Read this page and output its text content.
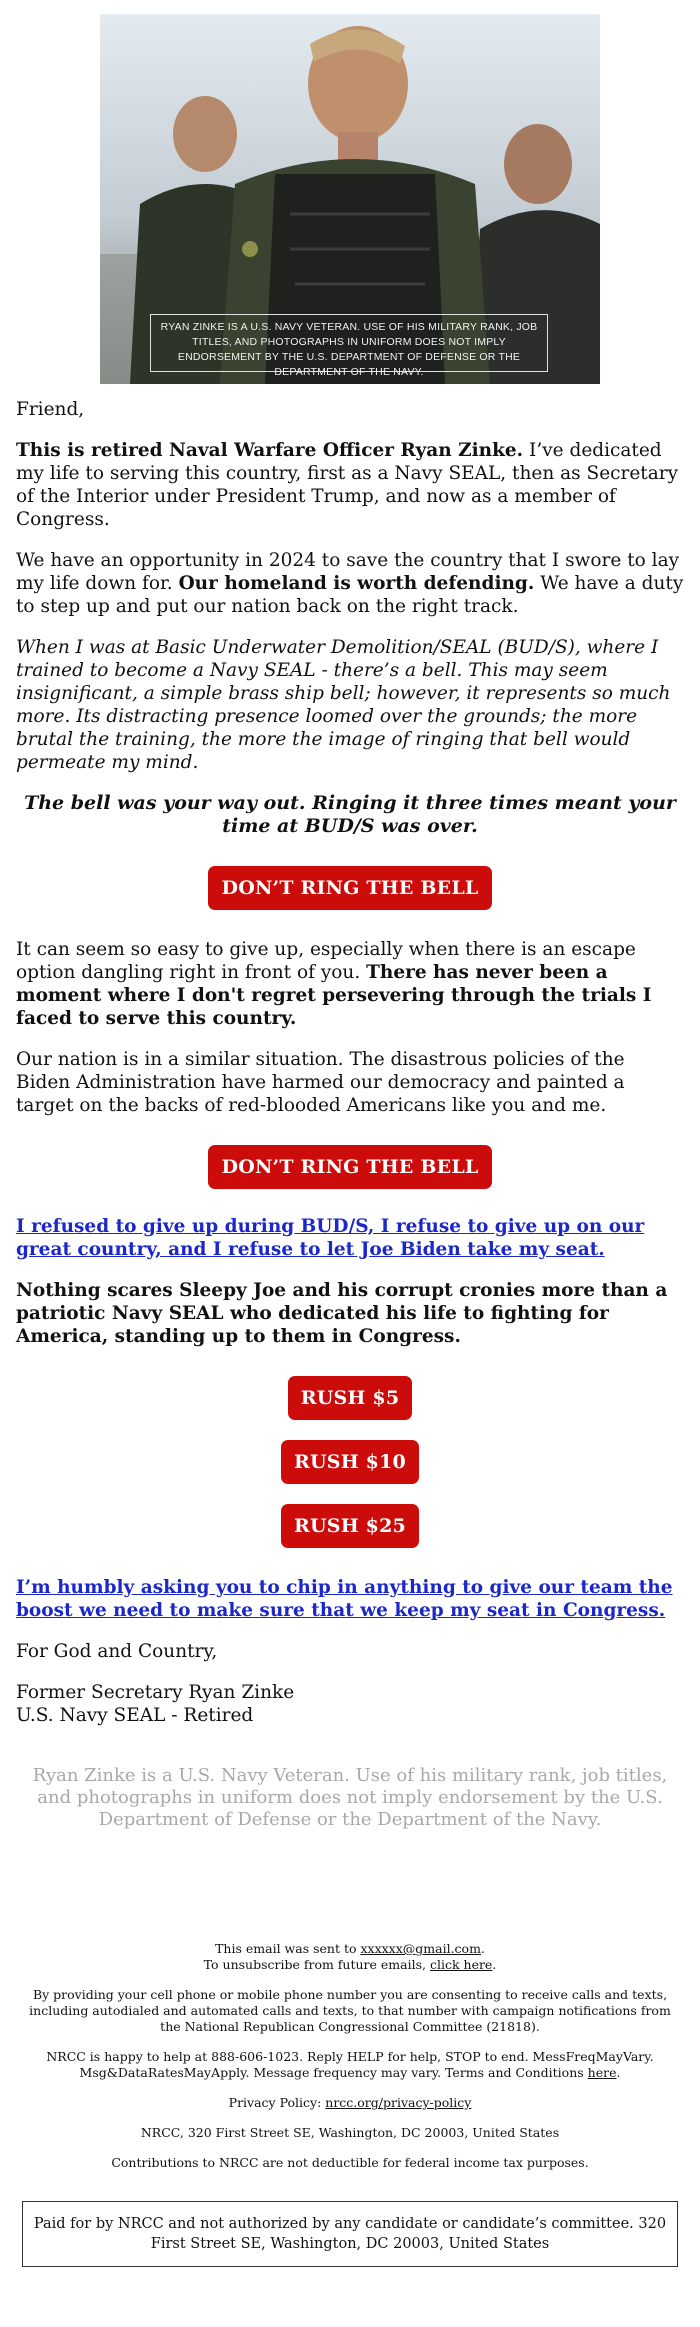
RYAN ZINKE IS A U.S. NAVY VETERAN. USE OF HIS MILITARY RANK, JOB TITLES, AND PHOTOGRAPHS IN UNIFORM DOES NOT IMPLY ENDORSEMENT BY THE U.S. DEPARTMENT OF DEFENSE OR THE DEPARTMENT OF THE NAVY.

Friend,

This is retired Naval Warfare Officer Ryan Zinke. I’ve dedicated my life to serving this country, first as a Navy SEAL, then as Secretary of the Interior under President Trump, and now as a member of Congress.

We have an opportunity in 2024 to save the country that I swore to lay my life down for. Our homeland is worth defending. We have a duty to step up and put our nation back on the right track.

When I was at Basic Underwater Demolition/SEAL (BUD/S), where I trained to become a Navy SEAL - there’s a bell. This may seem insignificant, a simple brass ship bell; however, it represents so much more. Its distracting presence loomed over the grounds; the more brutal the training, the more the image of ringing that bell would permeate my mind.

The bell was your way out. Ringing it three times meant your time at BUD/S was over.

DON’T RING THE BELL

It can seem so easy to give up, especially when there is an escape option dangling right in front of you. There has never been a moment where I don't regret persevering through the trials I faced to serve this country.

Our nation is in a similar situation. The disastrous policies of the Biden Administration have harmed our democracy and painted a target on the backs of red-blooded Americans like you and me.

DON’T RING THE BELL

I refused to give up during BUD/S, I refuse to give up on our great country, and I refuse to let Joe Biden take my seat.

Nothing scares Sleepy Joe and his corrupt cronies more than a patriotic Navy SEAL who dedicated his life to fighting for America, standing up to them in Congress.

RUSH $5
RUSH $10
RUSH $25

I’m humbly asking you to chip in anything to give our team the boost we need to make sure that we keep my seat in Congress.

For God and Country,

Former Secretary Ryan Zinke

U.S. Navy SEAL - Retired

Ryan Zinke is a U.S. Navy Veteran. Use of his military rank, job titles, and photographs in uniform does not imply endorsement by the U.S. Department of Defense or the Department of the Navy.

This email was sent to xxxxxx@gmail.com.

To unsubscribe from future emails, click here.

By providing your cell phone or mobile phone number you are consenting to receive calls and texts, including autodialed and automated calls and texts, to that number with campaign notifications from the National Republican Congressional Committee (21818).

NRCC is happy to help at 888-606-1023. Reply HELP for help, STOP to end. MessFreqMayVary. Msg&DataRatesMayApply. Message frequency may vary. Terms and Conditions here.

Privacy Policy: nrcc.org/privacy-policy

NRCC, 320 First Street SE, Washington, DC 20003, United States

Contributions to NRCC are not deductible for federal income tax purposes.

Paid for by NRCC and not authorized by any candidate or candidate’s committee. 320 First Street SE, Washington, DC 20003, United States
